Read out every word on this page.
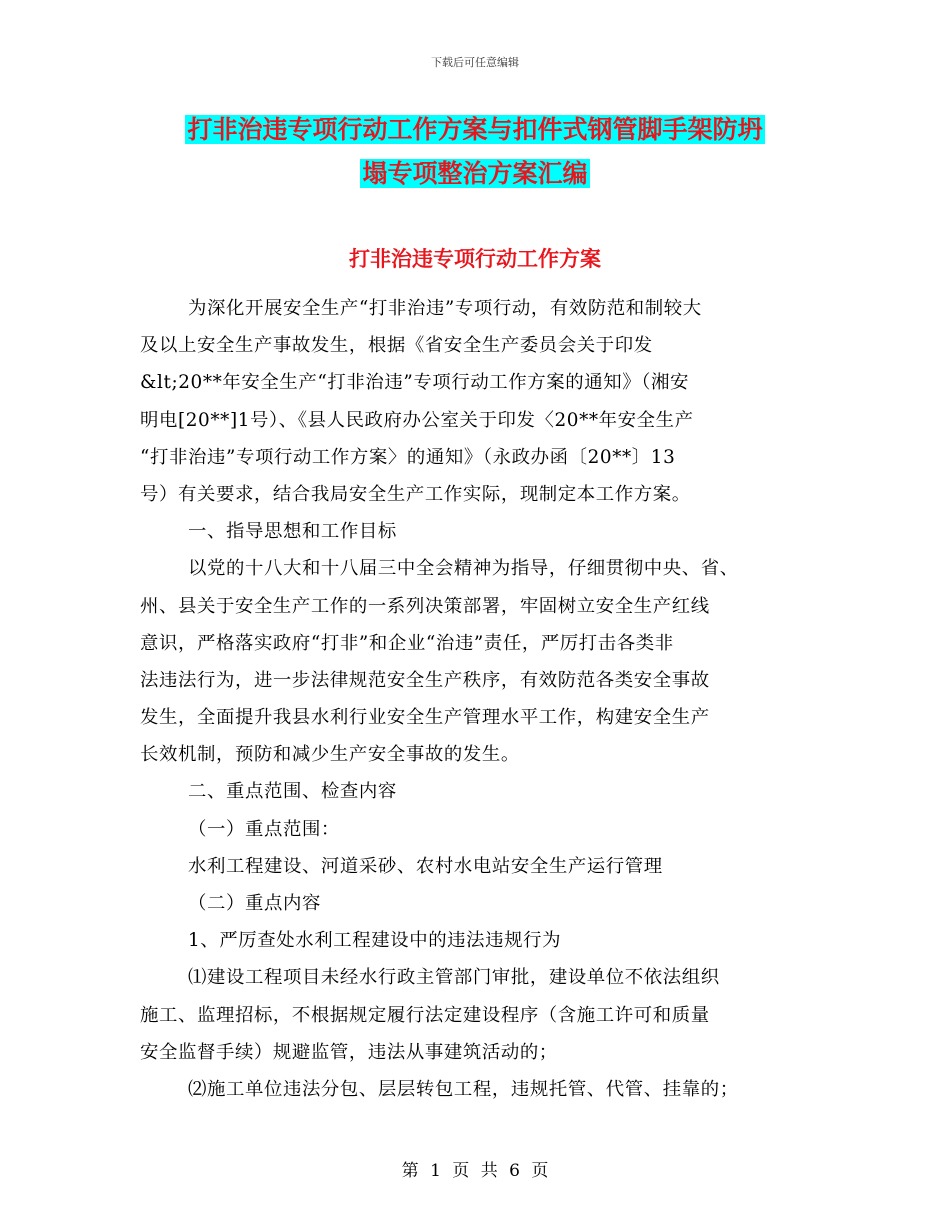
下载后可任意编辑
打非治违专项行动工作方案与扣件式钢管脚手架防坍
塌专项整治方案汇编
打非治违专项行动工作方案
为深化开展安全生产“打非治违”专项行动，有效防范和制较大
及以上安全生产事故发生，根据《省安全生产委员会关于印发
&lt;20**年安全生产“打非治违”专项行动工作方案的通知》（湘安
明电[20**]1号）、《县人民政府办公室关于印发〈20**年安全生产
“打非治违”专项行动工作方案〉的通知》（永政办函〔20**〕13
号）有关要求，结合我局安全生产工作实际，现制定本工作方案。
一、指导思想和工作目标
以党的十八大和十八届三中全会精神为指导，仔细贯彻中央、省、
州、县关于安全生产工作的一系列决策部署，牢固树立安全生产红线
意识，严格落实政府“打非”和企业“治违”责任，严厉打击各类非
法违法行为，进一步法律规范安全生产秩序，有效防范各类安全事故
发生，全面提升我县水利行业安全生产管理水平工作，构建安全生产
长效机制，预防和减少生产安全事故的发生。
二、重点范围、检查内容
（一）重点范围：
水利工程建设、河道采砂、农村水电站安全生产运行管理
（二）重点内容
1、严厉查处水利工程建设中的违法违规行为
⑴建设工程项目未经水行政主管部门审批，建设单位不依法组织
施工、监理招标，不根据规定履行法定建设程序（含施工许可和质量
安全监督手续）规避监管，违法从事建筑活动的；
⑵施工单位违法分包、层层转包工程，违规托管、代管、挂靠的；
第 1 页 共 6 页
